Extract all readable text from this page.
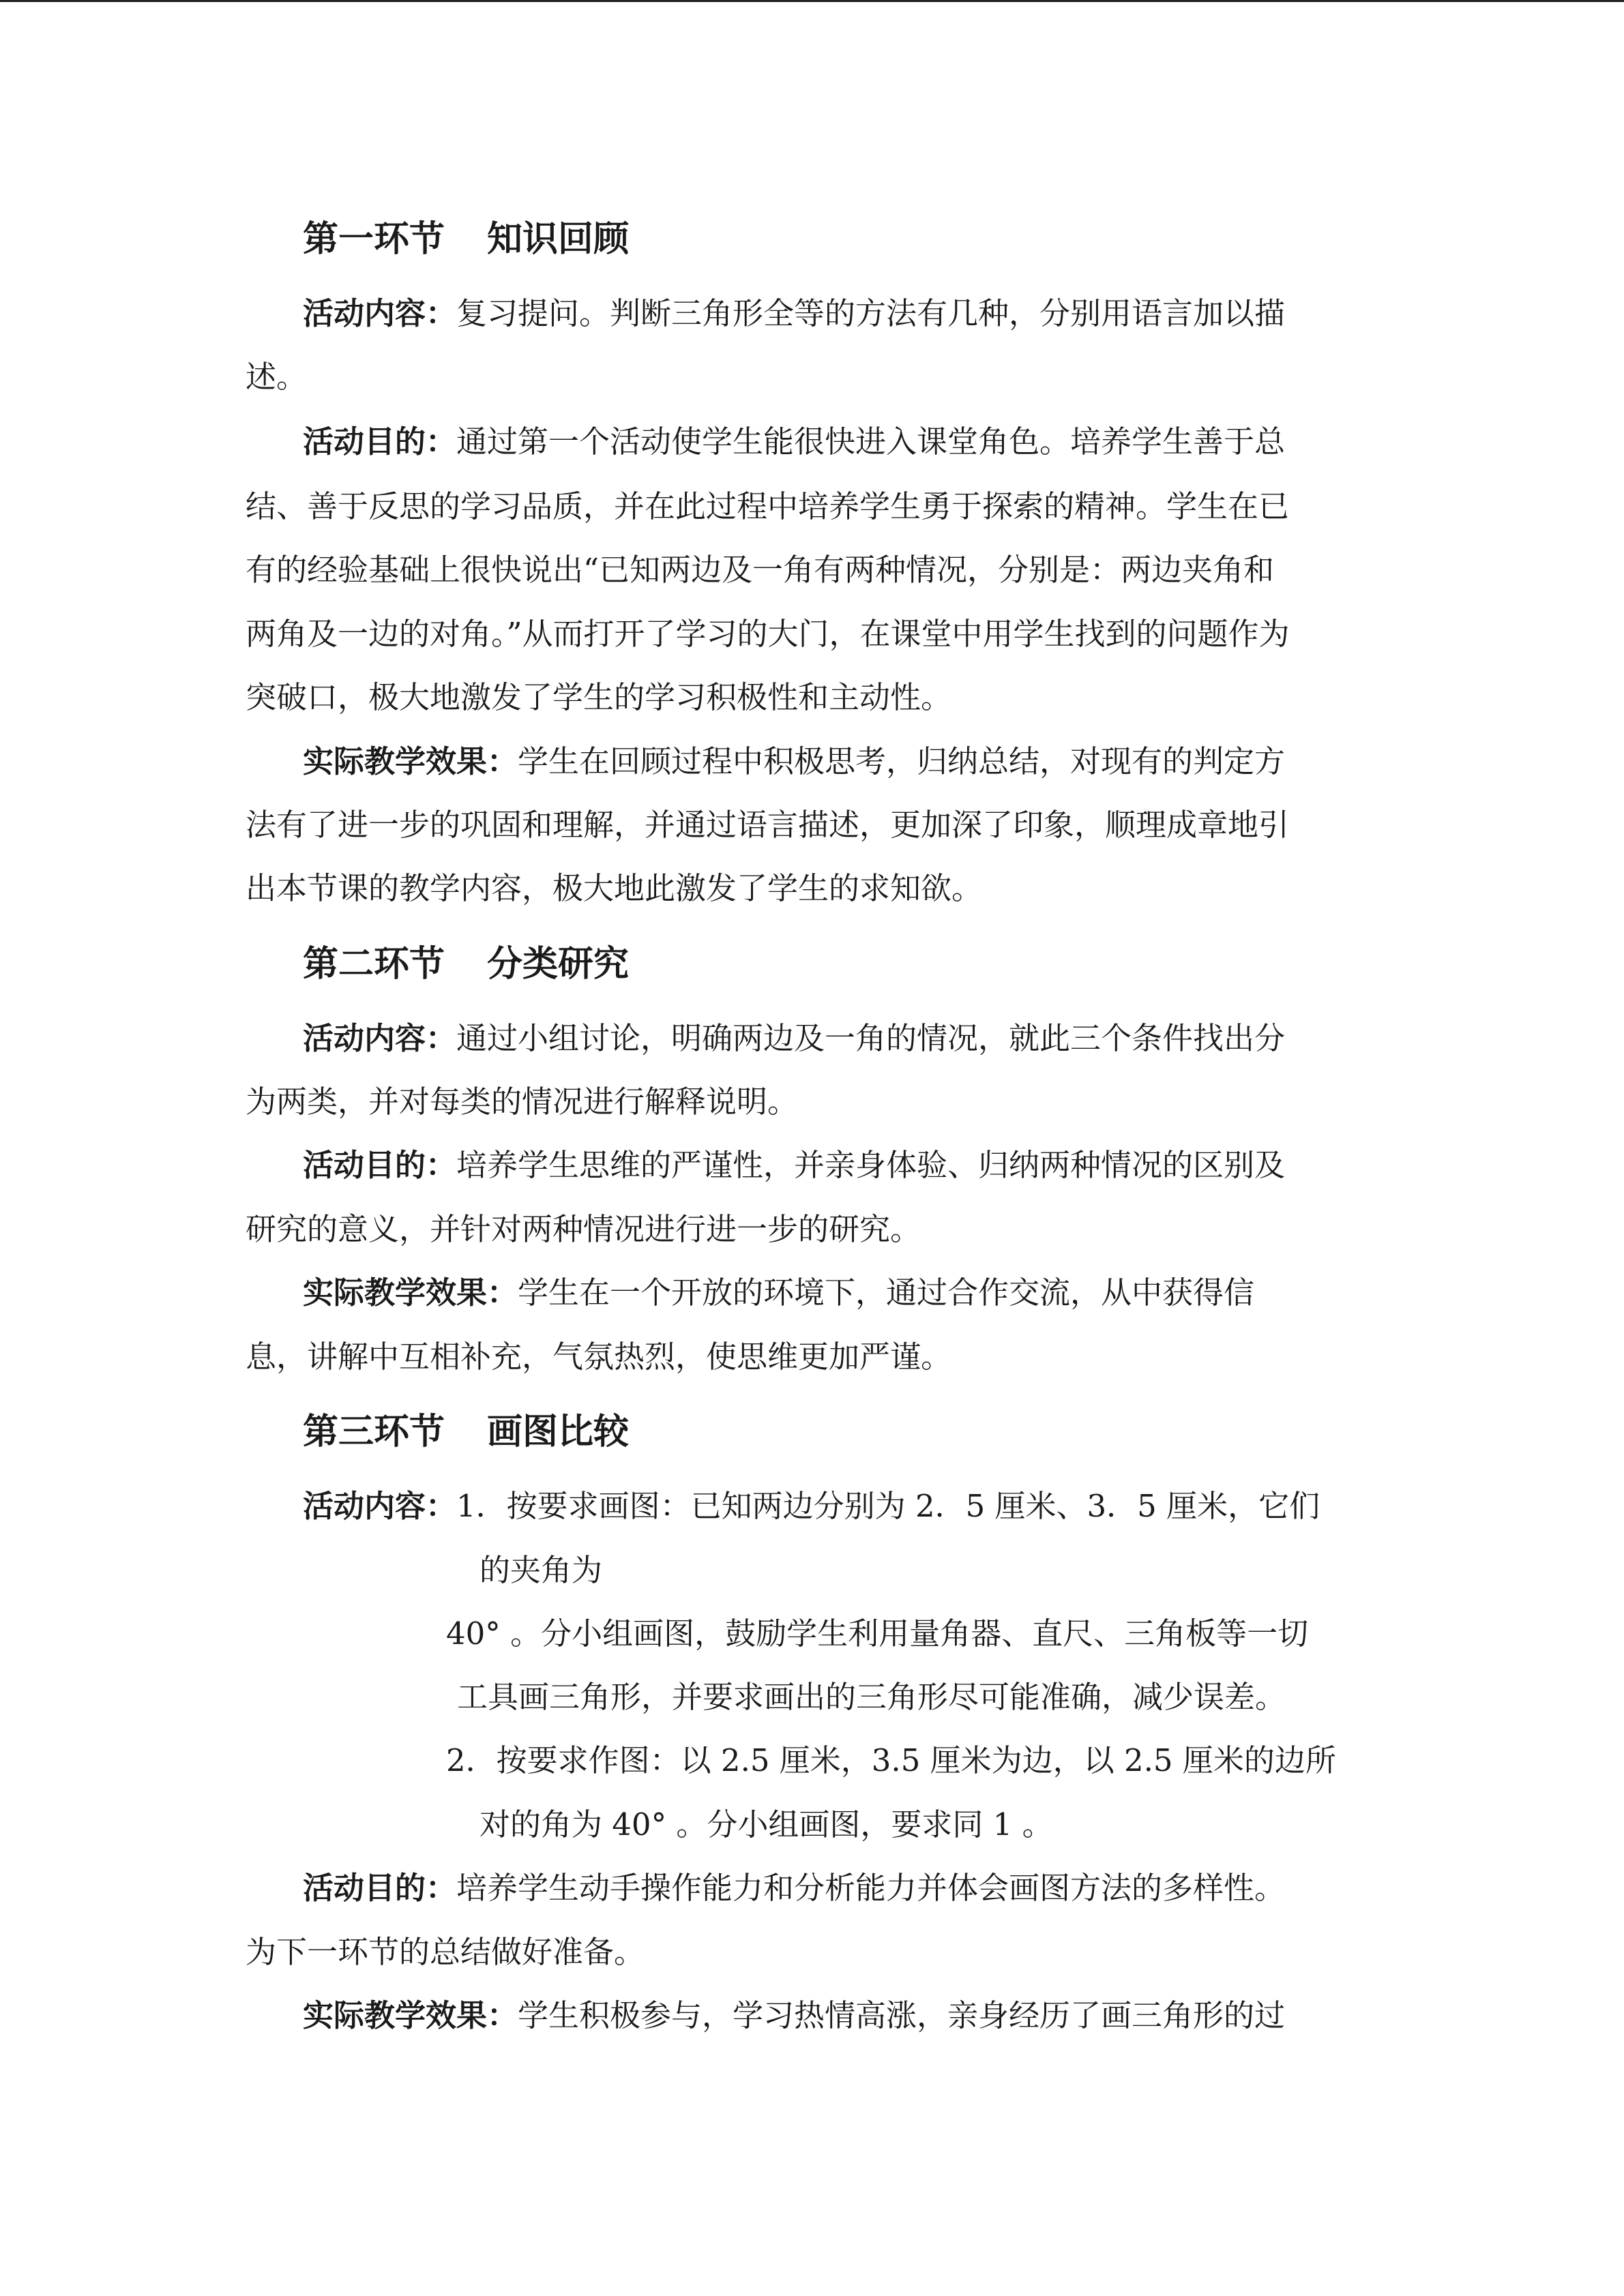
第一环节 知识回顾
活动内容：复习提问。判断三角形全等的方法有几种，分别用语言加以描
述。
活动目的：通过第一个活动使学生能很快进入课堂角色。培养学生善于总
结、善于反思的学习品质，并在此过程中培养学生勇于探索的精神。学生在已
有的经验基础上很快说出“已知两边及一角有两种情况，分别是：两边夹角和
两角及一边的对角。”从而打开了学习的大门，在课堂中用学生找到的问题作为
突破口，极大地激发了学生的学习积极性和主动性。
实际教学效果：学生在回顾过程中积极思考，归纳总结，对现有的判定方
法有了进一步的巩固和理解，并通过语言描述，更加深了印象，顺理成章地引
出本节课的教学内容，极大地此激发了学生的求知欲。
第二环节 分类研究
活动内容：通过小组讨论，明确两边及一角的情况，就此三个条件找出分
为两类，并对每类的情况进行解释说明。
活动目的：培养学生思维的严谨性，并亲身体验、归纳两种情况的区别及
研究的意义，并针对两种情况进行进一步的研究。
实际教学效果：学生在一个开放的环境下，通过合作交流，从中获得信
息，讲解中互相补充，气氛热烈，使思维更加严谨。
第三环节 画图比较
活动内容：1．按要求画图：已知两边分别为 2．5 厘米、3．5 厘米，它们
的夹角为
40° 。分小组画图，鼓励学生利用量角器、直尺、三角板等一切
工具画三角形，并要求画出的三角形尽可能准确，减少误差。
2．按要求作图：以 2.5 厘米，3.5 厘米为边，以 2.5 厘米的边所
对的角为 40° 。分小组画图，要求同 1 。
活动目的：培养学生动手操作能力和分析能力并体会画图方法的多样性。
为下一环节的总结做好准备。
实际教学效果：学生积极参与，学习热情高涨，亲身经历了画三角形的过
